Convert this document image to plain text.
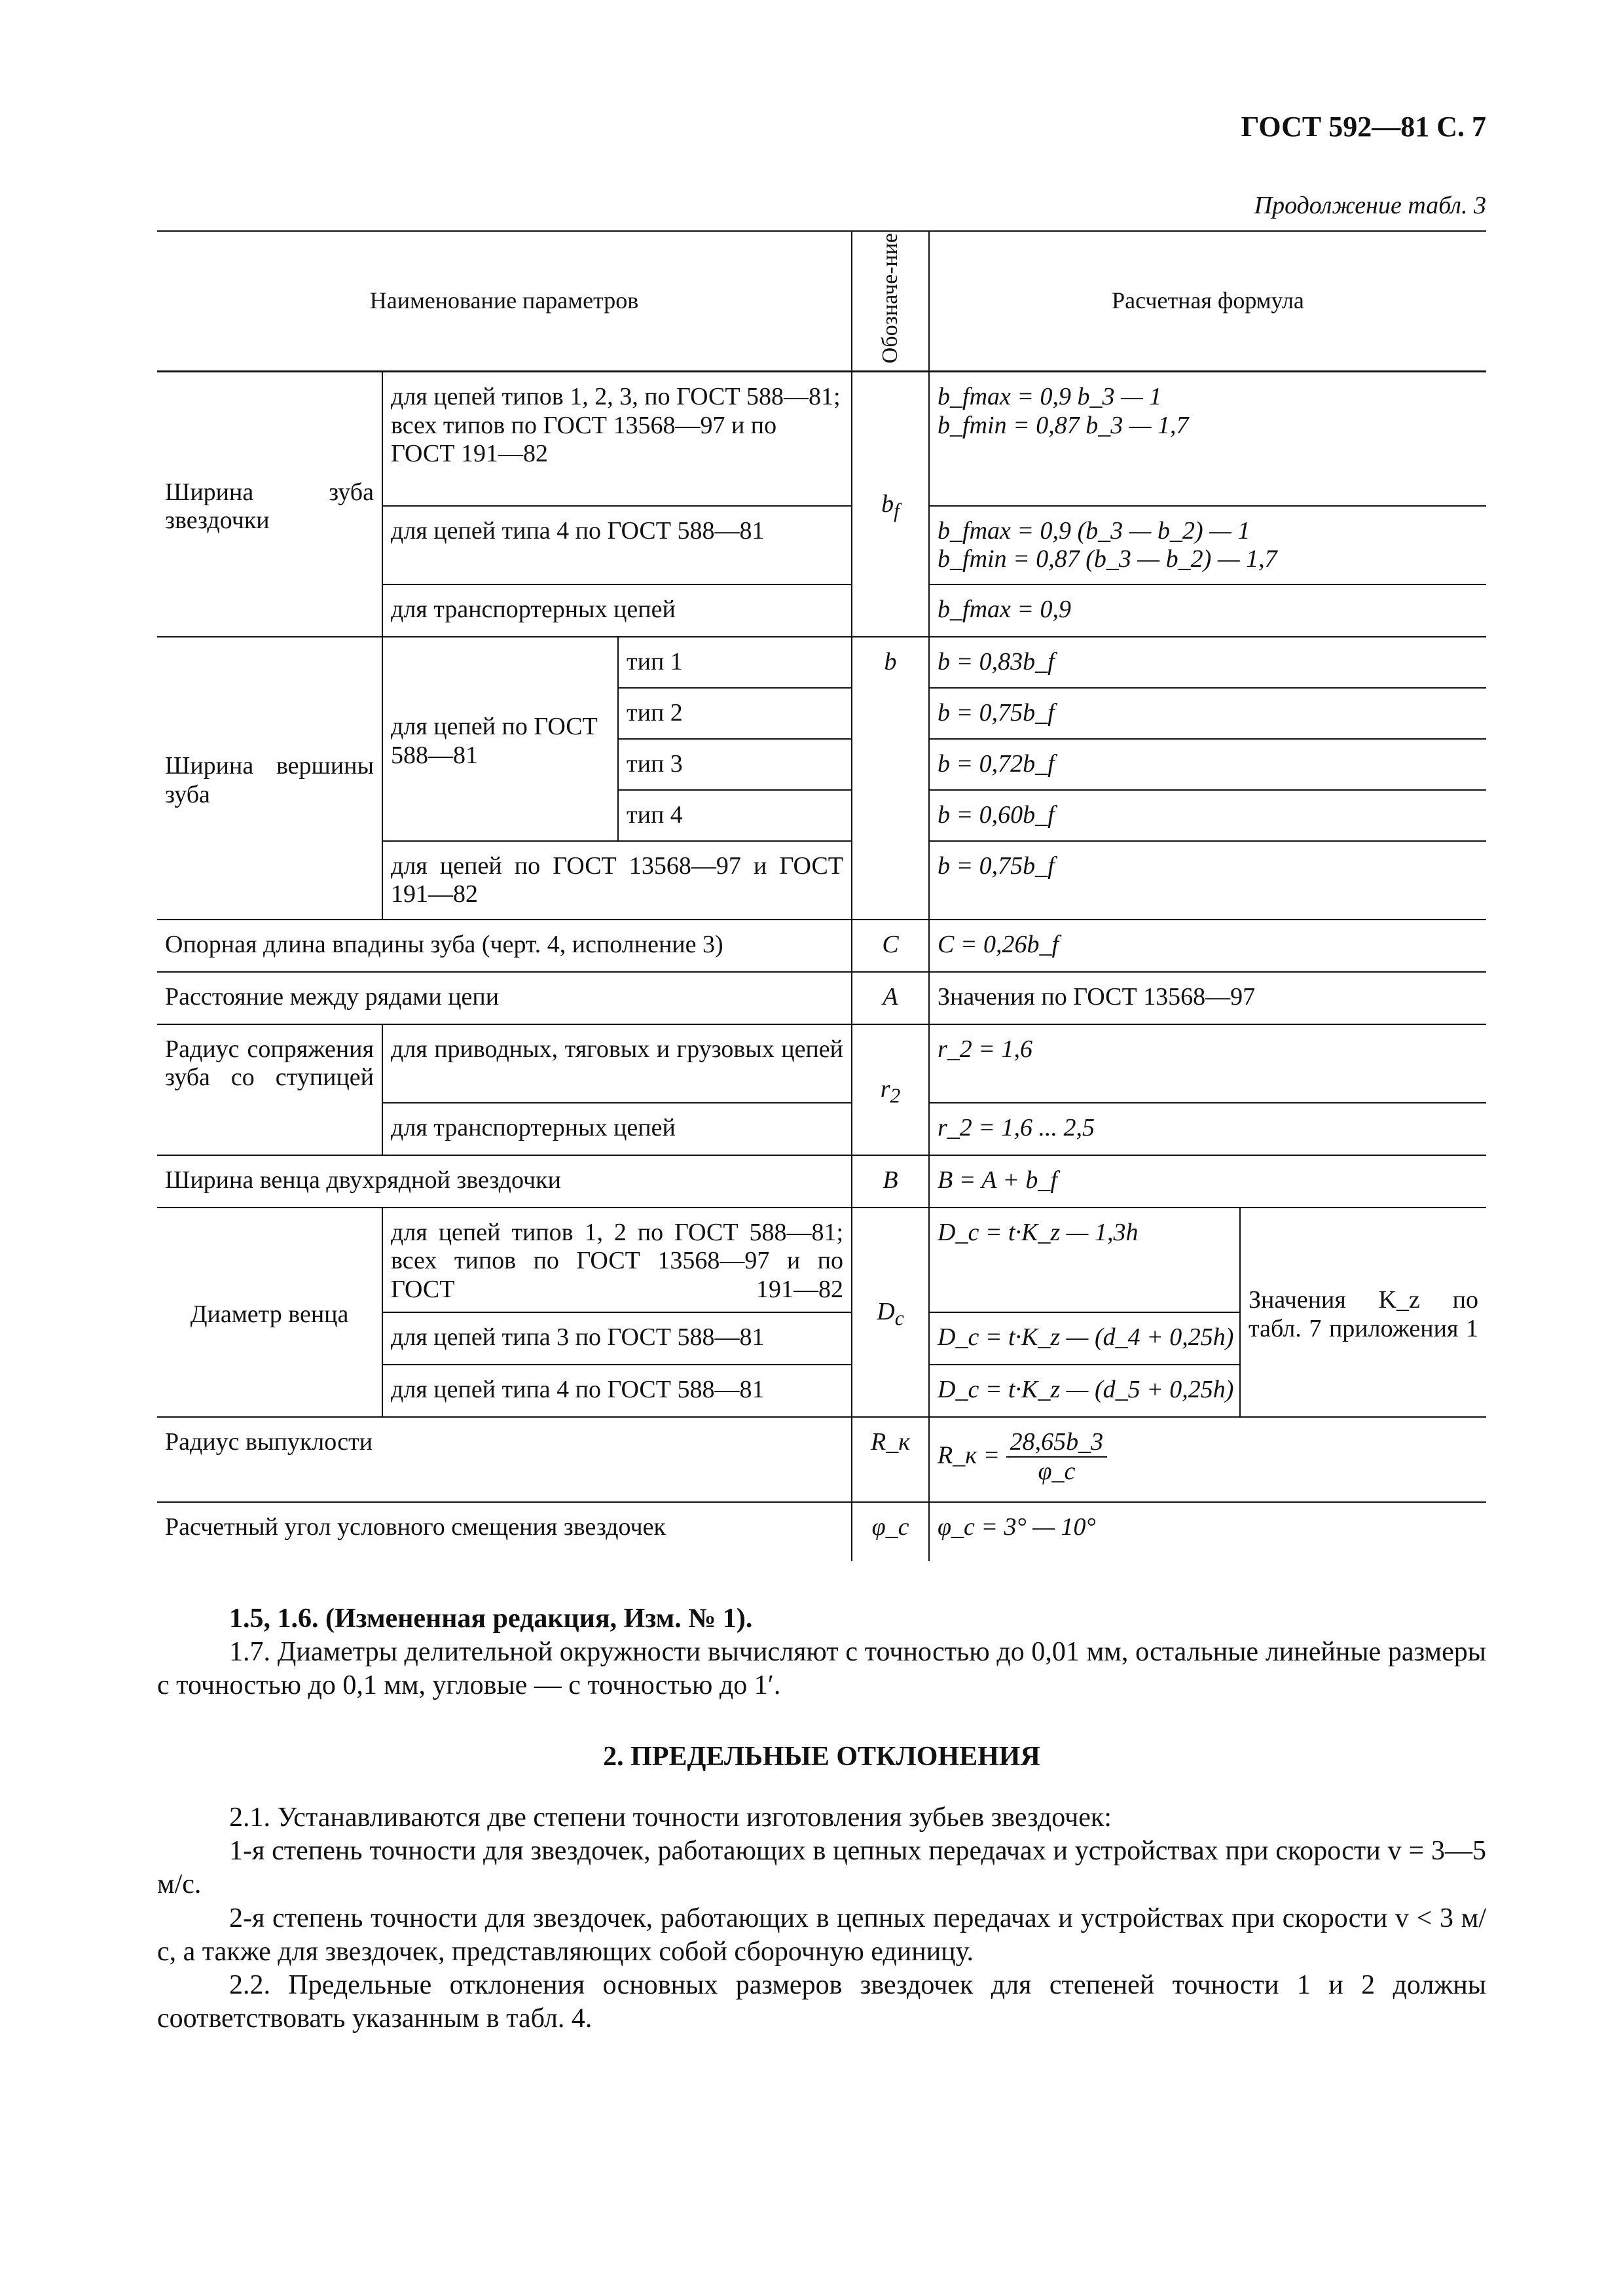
ГОСТ 592—81 С. 7
Продолжение табл. 3
Наименование параметров			Обозначе-ние	Расчетная формула	
Ширина зуба звездочки	для цепей типов 1, 2, 3, по ГОСТ 588—81; всех типов по ГОСТ 13568—97 и по ГОСТ 191—82		$b_f$	b_fmax = 0,9 b_3 — 1
b_fmin = 0,87 b_3 — 1,7	
	для цепей типа 4 по ГОСТ 588—81			b_fmax = 0,9 (b_3 — b_2) — 1
b_fmin = 0,87 (b_3 — b_2) — 1,7	
	для транспортерных цепей			b_fmax = 0,9	
Ширина вершины зуба	для цепей по ГОСТ 588—81	тип 1	b	b = 0,83b_f	
		тип 2		b = 0,75b_f	
		тип 3		b = 0,72b_f	
		тип 4		b = 0,60b_f	
	для цепей по ГОСТ 13568—97 и ГОСТ 191—82			b = 0,75b_f	
Опорная длина впадины зуба (черт. 4, исполнение 3)			C	C = 0,26b_f	
Расстояние между рядами цепи			A	Значения по ГОСТ 13568—97	
Радиус сопряжения зуба со ступицей	для приводных, тяговых и грузовых цепей		$r_2$	r_2 = 1,6	
	для транспортерных цепей			r_2 = 1,6 ... 2,5	
Ширина венца двухрядной звездочки			B	B = A + b_f	
Диаметр венца	для цепей типов 1, 2 по ГОСТ 588—81; всех типов по ГОСТ 13568—97 и по ГОСТ 191—82		$D_c$	D_c = t·K_z — 1,3h	Значения K_z по табл. 7 приложения 1
	для цепей типа 3 по ГОСТ 588—81			D_c = t·K_z — (d_4 + 0,25h)	
	для цепей типа 4 по ГОСТ 588—81			D_c = t·K_z — (d_5 + 0,25h)	
Радиус выпуклости			R_к	R_к = $\frac{28,65b\_3}{\varphi\_c}$

Расчетный угол условного смещения звездочек			φ_c	φ_c = 3° — 10°	

1.5, 1.6. (Измененная редакция, Изм. № 1).

1.7. Диаметры делительной окружности вычисляют с точностью до 0,01 мм, остальные линейные размеры с точностью до 0,1 мм, угловые — с точностью до 1′.

2. ПРЕДЕЛЬНЫЕ ОТКЛОНЕНИЯ

2.1. Устанавливаются две степени точности изготовления зубьев звездочек:

1-я степень точности для звездочек, работающих в цепных передачах и устройствах при скорости v = 3—5 м/с.

2-я степень точности для звездочек, работающих в цепных передачах и устройствах при скорости v < 3 м/с, а также для звездочек, представляющих собой сборочную единицу.

2.2. Предельные отклонения основных размеров звездочек для степеней точности 1 и 2 должны соответствовать указанным в табл. 4.
